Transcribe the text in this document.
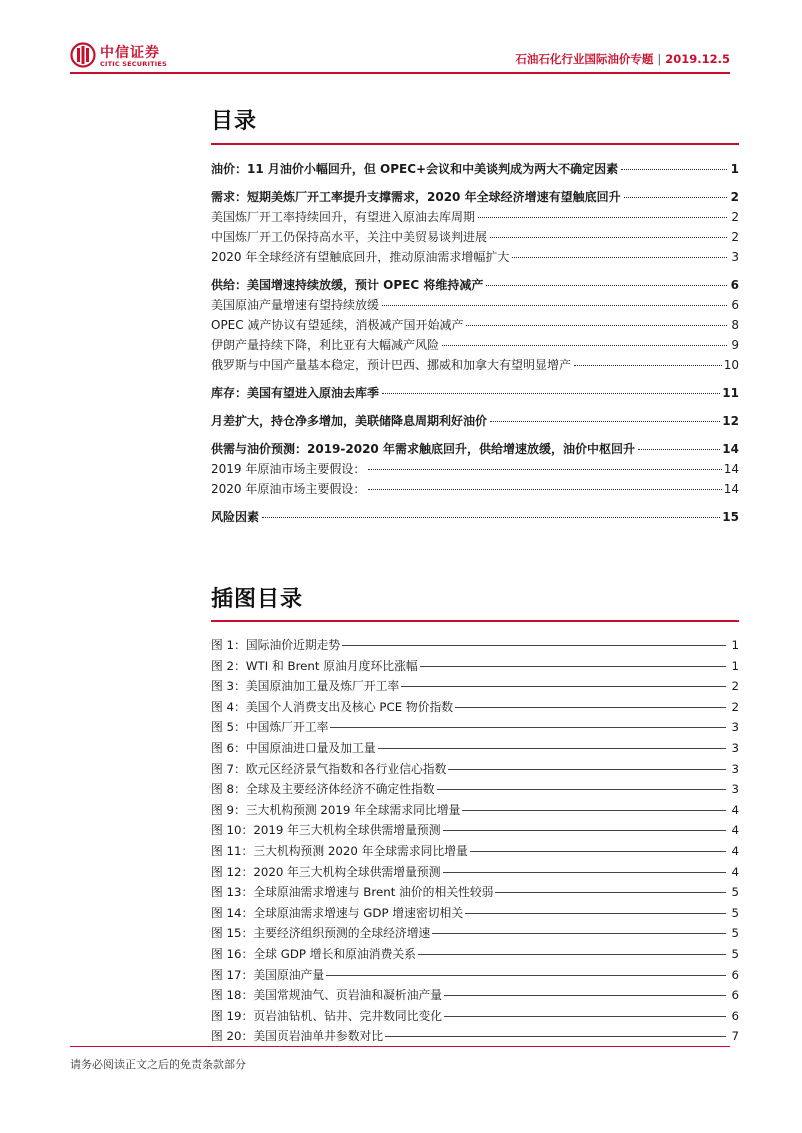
中信证券
CITIC SECURITIES	石油石化行业国际油价专题 | 2019.12.5
目录
油价：11 月油价小幅回升，但 OPEC+会议和中美谈判成为两大不确定因素	1
需求：短期美炼厂开工率提升支撑需求，2020 年全球经济增速有望触底回升	2
美国炼厂开工率持续回升，有望进入原油去库周期	2
中国炼厂开工仍保持高水平，关注中美贸易谈判进展	2
2020 年全球经济有望触底回升，推动原油需求增幅扩大	3
供给：美国增速持续放缓，预计 OPEC 将维持减产	6
美国原油产量增速有望持续放缓	6
OPEC 减产协议有望延续，消极减产国开始减产	8
伊朗产量持续下降，利比亚有大幅减产风险	9
俄罗斯与中国产量基本稳定，预计巴西、挪威和加拿大有望明显增产	10
库存：美国有望进入原油去库季	11
月差扩大，持仓净多增加，美联储降息周期利好油价	12
供需与油价预测：2019-2020 年需求触底回升，供给增速放缓，油价中枢回升	14
2019 年原油市场主要假设：	14
2020 年原油市场主要假设：	14
风险因素	15
插图目录
图 1：国际油价近期走势	1
图 2：WTI 和 Brent 原油月度环比涨幅	1
图 3：美国原油加工量及炼厂开工率	2
图 4：美国个人消费支出及核心 PCE 物价指数	2
图 5：中国炼厂开工率	3
图 6：中国原油进口量及加工量	3
图 7：欧元区经济景气指数和各行业信心指数	3
图 8：全球及主要经济体经济不确定性指数	3
图 9：三大机构预测 2019 年全球需求同比增量	4
图 10：2019 年三大机构全球供需增量预测	4
图 11：三大机构预测 2020 年全球需求同比增量	4
图 12：2020 年三大机构全球供需增量预测	4
图 13：全球原油需求增速与 Brent 油价的相关性较弱	5
图 14：全球原油需求增速与 GDP 增速密切相关	5
图 15：主要经济组织预测的全球经济增速	5
图 16：全球 GDP 增长和原油消费关系	5
图 17：美国原油产量	6
图 18：美国常规油气、页岩油和凝析油产量	6
图 19：页岩油钻机、钻井、完井数同比变化	6
图 20：美国页岩油单井参数对比	7
请务必阅读正文之后的免责条款部分
